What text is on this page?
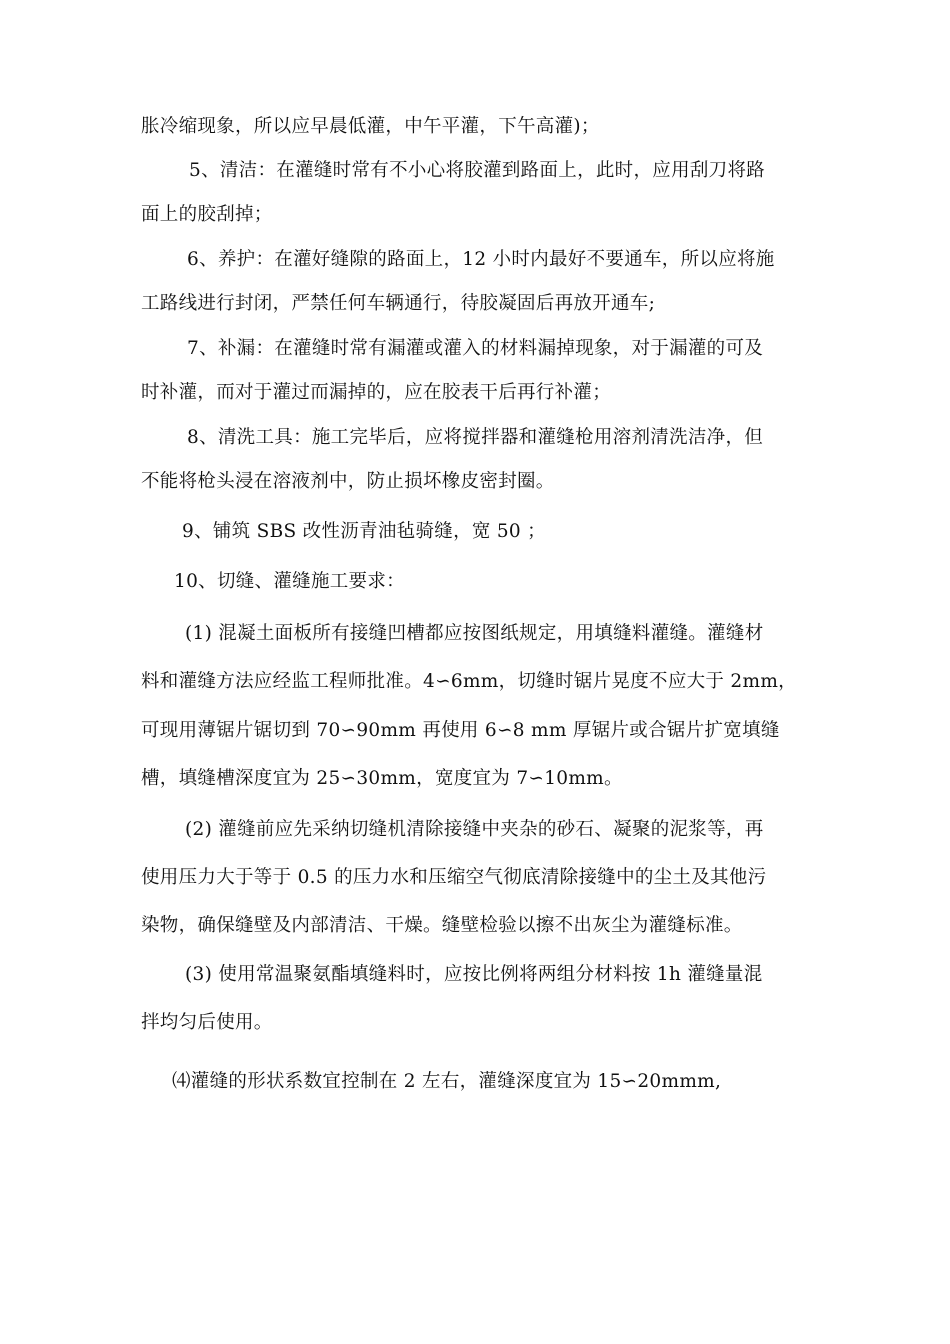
胀冷缩现象，所以应早晨低灌，中午平灌，下午高灌)；
5、清洁：在灌缝时常有不小心将胶灌到路面上，此时，应用刮刀将路
面上的胶刮掉；
6、养护：在灌好缝隙的路面上，12 小时内最好不要通车，所以应将施
工路线进行封闭，严禁任何车辆通行，待胶凝固后再放开通车;
7、补漏：在灌缝时常有漏灌或灌入的材料漏掉现象，对于漏灌的可及
时补灌，而对于灌过而漏掉的，应在胶表干后再行补灌；
8、清洗工具：施工完毕后，应将搅拌器和灌缝枪用溶剂清洗洁净，但
不能将枪头浸在溶液剂中，防止损坏橡皮密封圈。
9、铺筑 SBS 改性沥青油毡骑缝，宽 50 ；
10、切缝、灌缝施工要求：
(1) 混凝土面板所有接缝凹槽都应按图纸规定，用填缝料灌缝。灌缝材
料和灌缝方法应经监工程师批准。4∽6mm，切缝时锯片晃度不应大于 2mm，
可现用薄锯片锯切到 70∽90mm 再使用 6∽8 mm 厚锯片或合锯片扩宽填缝
槽，填缝槽深度宜为 25∽30mm，宽度宜为 7∽10mm。
(2) 灌缝前应先采纳切缝机清除接缝中夹杂的砂石、凝聚的泥浆等，再
使用压力大于等于 0.5 的压力水和压缩空气彻底清除接缝中的尘土及其他污
染物，确保缝壁及内部清洁、干燥。缝壁检验以擦不出灰尘为灌缝标准。
(3) 使用常温聚氨酯填缝料时，应按比例将两组分材料按 1h 灌缝量混
拌均匀后使用。
⑷灌缝的形状系数宜控制在 2 左右，灌缝深度宜为 15∽20mmm,
